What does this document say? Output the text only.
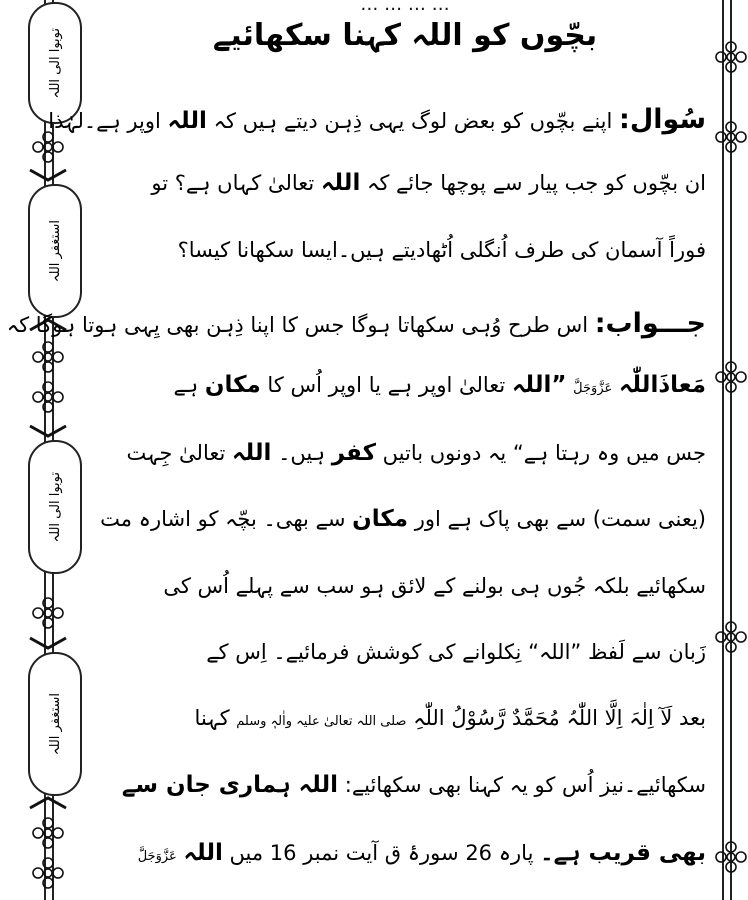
توبوا الی اللہ
استغفر اللہ
توبوا الی اللہ
استغفر اللہ
… … … …
بچّوں کو اللہ کہنا سکھائیے
سُوال: اپنے بچّوں کو بعض لوگ یہی ذِہن دیتے ہیں کہ اللہ اوپر ہے۔لہٰذا
ان بچّوں کو جب پیار سے پوچھا جائے کہ اللہ تعالیٰ کہاں ہے؟ تو
فوراً آسمان کی طرف اُنگلی اُٹھادیتے ہیں۔ایسا سکھانا کیسا؟
جـــواب: اس طرح وُہی سکھاتا ہوگا جس کا اپنا ذِہن بھی یِہی ہوتا ہوگا کہ
مَعاذَاللّٰہ عَزَّوَجَلَّ ”اللہ تعالیٰ اوپر ہے یا اوپر اُس کا مکان ہے
جس میں وہ رہتا ہے“ یہ دونوں باتیں کفر ہیں۔ اللہ تعالیٰ جِہت
(یعنی سمت) سے بھی پاک ہے اور مکان سے بھی۔ بچّہ کو اشارہ مت
سکھائیے بلکہ جُوں ہی بولنے کے لائق ہو سب سے پہلے اُس کی
زَبان سے لَفظ ”اللہ“ نِکلوانے کی کوشش فرمائیے۔ اِس کے
بعد لَآ اِلٰہَ اِلَّا اللّٰہُ مُحَمَّدٌ رَّسُوْلُ اللّٰہِ صلی اللہ تعالیٰ علیہ واٰلہٖ وسلم کہنا
سکھائیے۔نیز اُس کو یہ کہنا بھی سکھائیے: اللہ ہماری جان سے
بھی قریب ہے۔ پارہ 26 سورۂ ق آیت نمبر 16 میں اللہ عَزَّوَجَلَّ
